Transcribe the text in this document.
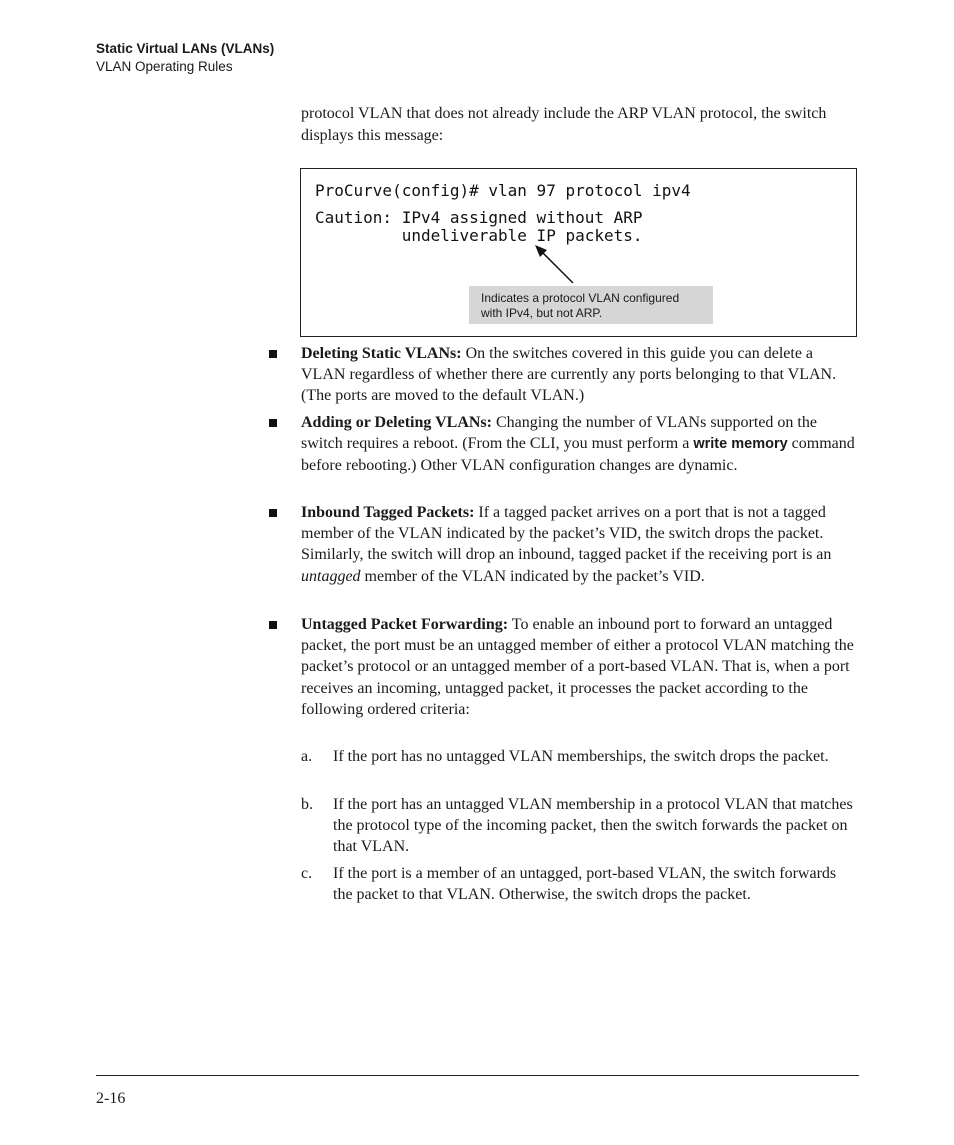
Static Virtual LANs (VLANs)
VLAN Operating Rules
protocol VLAN that does not already include the ARP VLAN protocol, the switch displays this message:
ProCurve(config)# vlan 97 protocol ipv4
Caution: IPv4 assigned without ARP
undeliverable IP packets.
Indicates a protocol VLAN configured with IPv4, but not ARP.
Deleting Static VLANs: On the switches covered in this guide you can delete a VLAN regardless of whether there are currently any ports belonging to that VLAN. (The ports are moved to the default VLAN.)
Adding or Deleting VLANs: Changing the number of VLANs supported on the switch requires a reboot. (From the CLI, you must perform a write memory command before rebooting.) Other VLAN configuration changes are dynamic.
Inbound Tagged Packets: If a tagged packet arrives on a port that is not a tagged member of the VLAN indicated by the packet’s VID, the switch drops the packet. Similarly, the switch will drop an inbound, tagged packet if the receiving port is an untagged member of the VLAN indicated by the packet’s VID.
Untagged Packet Forwarding: To enable an inbound port to forward an untagged packet, the port must be an untagged member of either a protocol VLAN matching the packet’s protocol or an untagged member of a port-based VLAN. That is, when a port receives an incoming, untagged packet, it processes the packet according to the following ordered criteria:
a. If the port has no untagged VLAN memberships, the switch drops the packet.
b. If the port has an untagged VLAN membership in a protocol VLAN that matches the protocol type of the incoming packet, then the switch forwards the packet on that VLAN.
c. If the port is a member of an untagged, port-based VLAN, the switch forwards the packet to that VLAN. Otherwise, the switch drops the packet.
2-16
